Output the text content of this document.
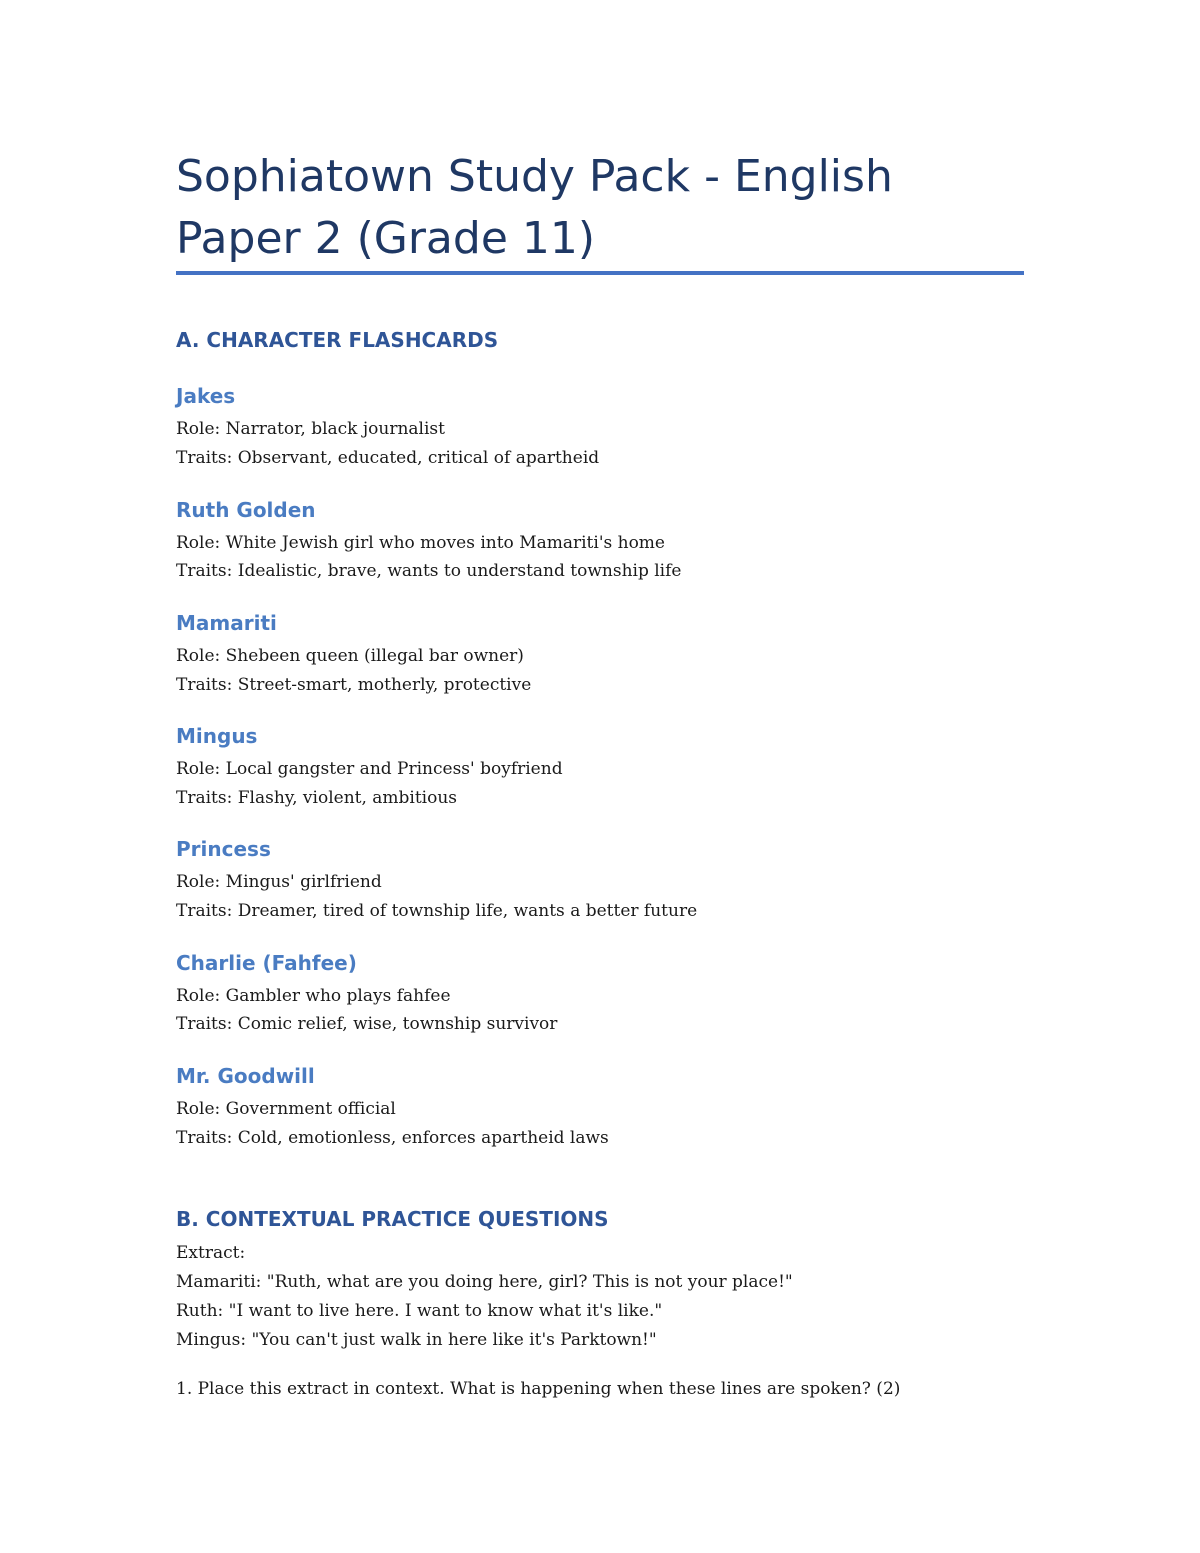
Sophiatown Study Pack - English Paper 2 (Grade 11)
A. CHARACTER FLASHCARDS
Jakes

Role: Narrator, black journalist

Traits: Observant, educated, critical of apartheid

Ruth Golden

Role: White Jewish girl who moves into Mamariti's home

Traits: Idealistic, brave, wants to understand township life

Mamariti

Role: Shebeen queen (illegal bar owner)

Traits: Street-smart, motherly, protective

Mingus

Role: Local gangster and Princess' boyfriend

Traits: Flashy, violent, ambitious

Princess

Role: Mingus' girlfriend

Traits: Dreamer, tired of township life, wants a better future

Charlie (Fahfee)

Role: Gambler who plays fahfee

Traits: Comic relief, wise, township survivor

Mr. Goodwill

Role: Government official

Traits: Cold, emotionless, enforces apartheid laws

B. CONTEXTUAL PRACTICE QUESTIONS

Extract:

Mamariti: "Ruth, what are you doing here, girl? This is not your place!"

Ruth: "I want to live here. I want to know what it's like."

Mingus: "You can't just walk in here like it's Parktown!"

1. Place this extract in context. What is happening when these lines are spoken? (2)
